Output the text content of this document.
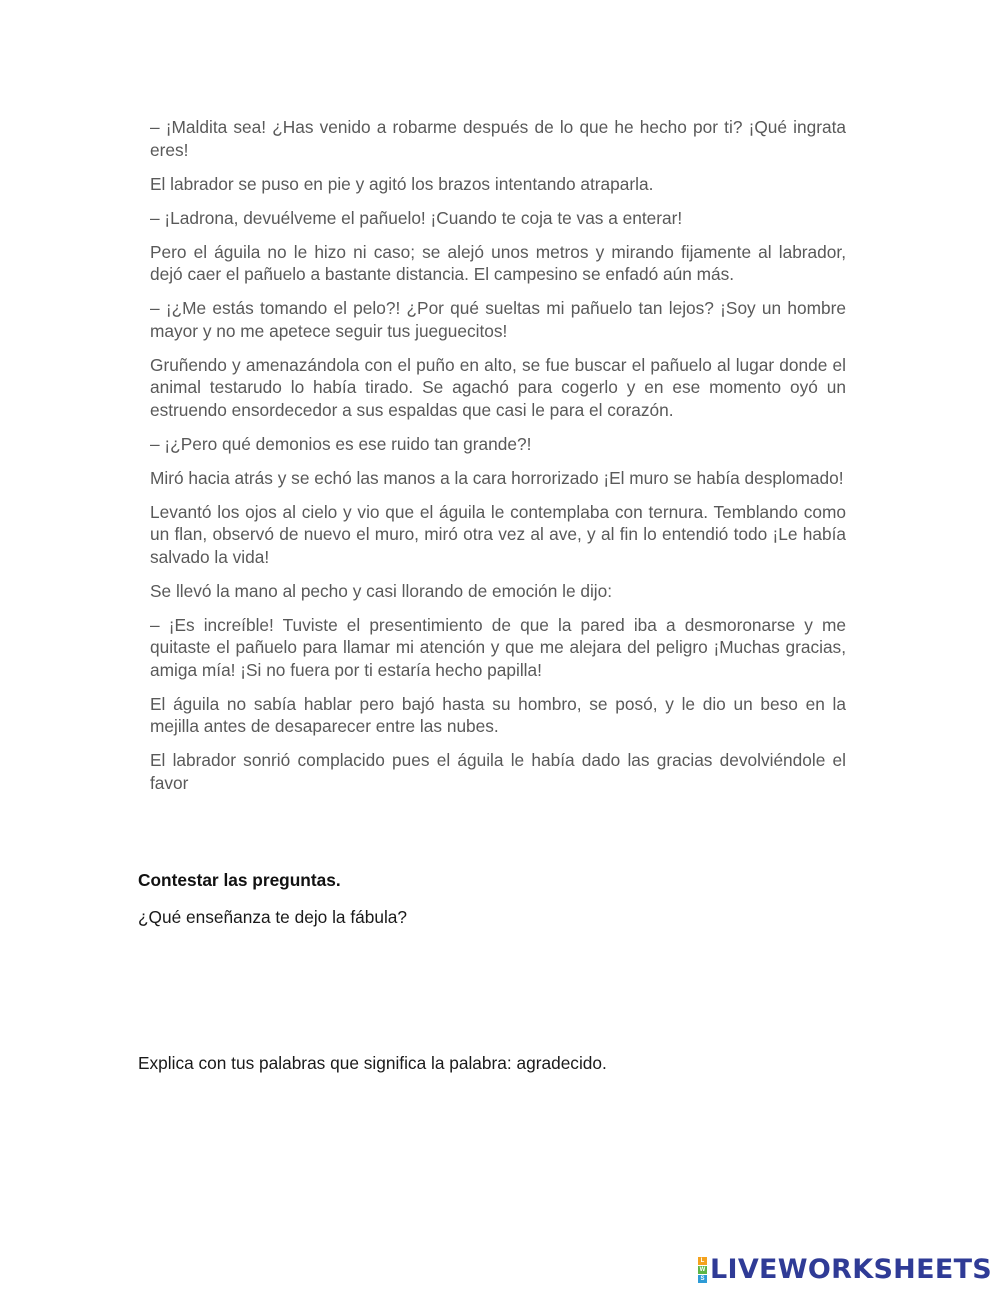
– ¡Maldita sea! ¿Has venido a robarme después de lo que he hecho por ti? ¡Qué ingrata eres!

El labrador se puso en pie y agitó los brazos intentando atraparla.

– ¡Ladrona, devuélveme el pañuelo! ¡Cuando te coja te vas a enterar!

Pero el águila no le hizo ni caso; se alejó unos metros y mirando fijamente al labrador, dejó caer el pañuelo a bastante distancia. El campesino se enfadó aún más.

– ¡¿Me estás tomando el pelo?! ¿Por qué sueltas mi pañuelo tan lejos? ¡Soy un hombre mayor y no me apetece seguir tus jueguecitos!

Gruñendo y amenazándola con el puño en alto, se fue buscar el pañuelo al lugar donde el animal testarudo lo había tirado. Se agachó para cogerlo y en ese momento oyó un estruendo ensordecedor a sus espaldas que casi le para el corazón.

– ¡¿Pero qué demonios es ese ruido tan grande?!

Miró hacia atrás y se echó las manos a la cara horrorizado ¡El muro se había desplomado!

Levantó los ojos al cielo y vio que el águila le contemplaba con ternura. Temblando como un flan, observó de nuevo el muro, miró otra vez al ave, y al fin lo entendió todo ¡Le había salvado la vida!

Se llevó la mano al pecho y casi llorando de emoción le dijo:

– ¡Es increíble! Tuviste el presentimiento de que la pared iba a desmoronarse y me quitaste el pañuelo para llamar mi atención y que me alejara del peligro ¡Muchas gracias, amiga mía! ¡Si no fuera por ti estaría hecho papilla!

El águila no sabía hablar pero bajó hasta su hombro, se posó, y le dio un beso en la mejilla antes de desaparecer entre las nubes.

El labrador sonrió complacido pues el águila le había dado las gracias devolviéndole el favor

Contestar las preguntas.

¿Qué enseñanza te dejo la fábula?

Explica con tus palabras que significa la palabra: agradecido.

L
W
S LIVEWORKSHEETS
